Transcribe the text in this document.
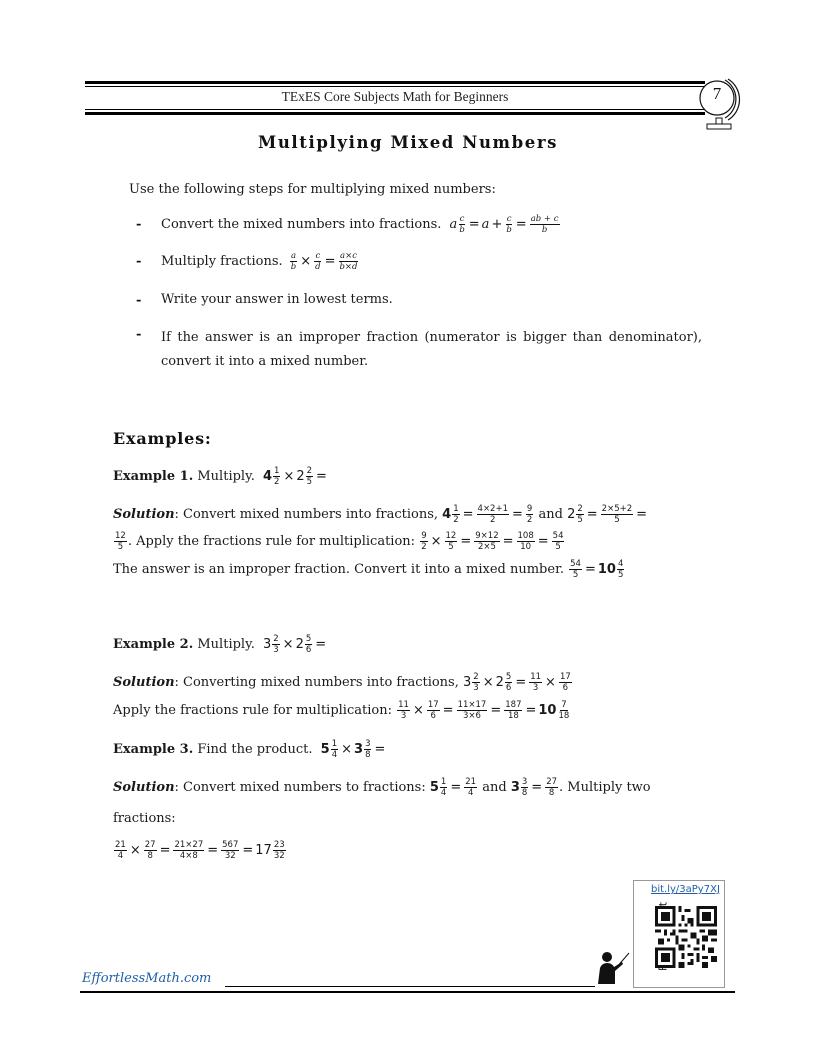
TExES Core Subjects Math for Beginners	7
Multiplying Mixed Numbers
Use the following steps for multiplying mixed numbers:
- Convert the mixed numbers into fractions. a $\frac{c}{b} = a + \frac{c}{b} = \frac{ab + c}{b}$
- Multiply fractions. $\frac{a}{b} \times \frac{c}{d} = \frac{a\times c}{b\times d}$
- Write your answer in lowest terms.
- If the answer is an improper fraction (numerator is bigger than denominator), convert it into a mixed number.
Examples:
Example 1. Multiply. $4 \frac{1}{2} \times 2 \frac{2}{5}$ =
Solution: Convert mixed numbers into fractions, $4 \frac{1}{2} = \frac{4\times 2+1}{2} = \frac{9}{2}$ and $2 \frac{2}{5} = \frac{2\times 5+2}{5}$ =
12
5 . Apply the fractions rule for multiplication: $\frac{9}{2} \times \frac{12}{5} = \frac{9\times 12}{2\times 5} = \frac{108}{10} = \frac{54}{5}$
The answer is an improper fraction. Convert it into a mixed number. $\frac{54}{5} = 10$ 4
5
Example 2. Multiply. $3 \frac{2}{3} \times 2 \frac{5}{6}$ =
Solution: Converting mixed numbers into fractions, $3 \frac{2}{3} \times 2 \frac{5}{6} = \frac{11}{3} \times \frac{17}{6}$
Apply the fractions rule for multiplication: $\frac{11}{3} \times \frac{17}{6} = \frac{11\times 17}{3\times 6} = \frac{187}{18} = 10$ 7
18
Example 3. Find the product. $5 \frac{1}{4} \times 3 \frac{3}{8}$ =
Solution: Convert mixed numbers to fractions: $5 \frac{1}{4} = \frac{21}{4}$ and $3 \frac{3}{8} = \frac{27}{8}$ . Multiply two
fractions:
$\frac{21}{4} \times \frac{27}{8} = \frac{21\times 27}{4\times 8} = \frac{567}{32} = 17$ 23
32
bit.ly/3aPy7XJ
EffortlessMath.com
